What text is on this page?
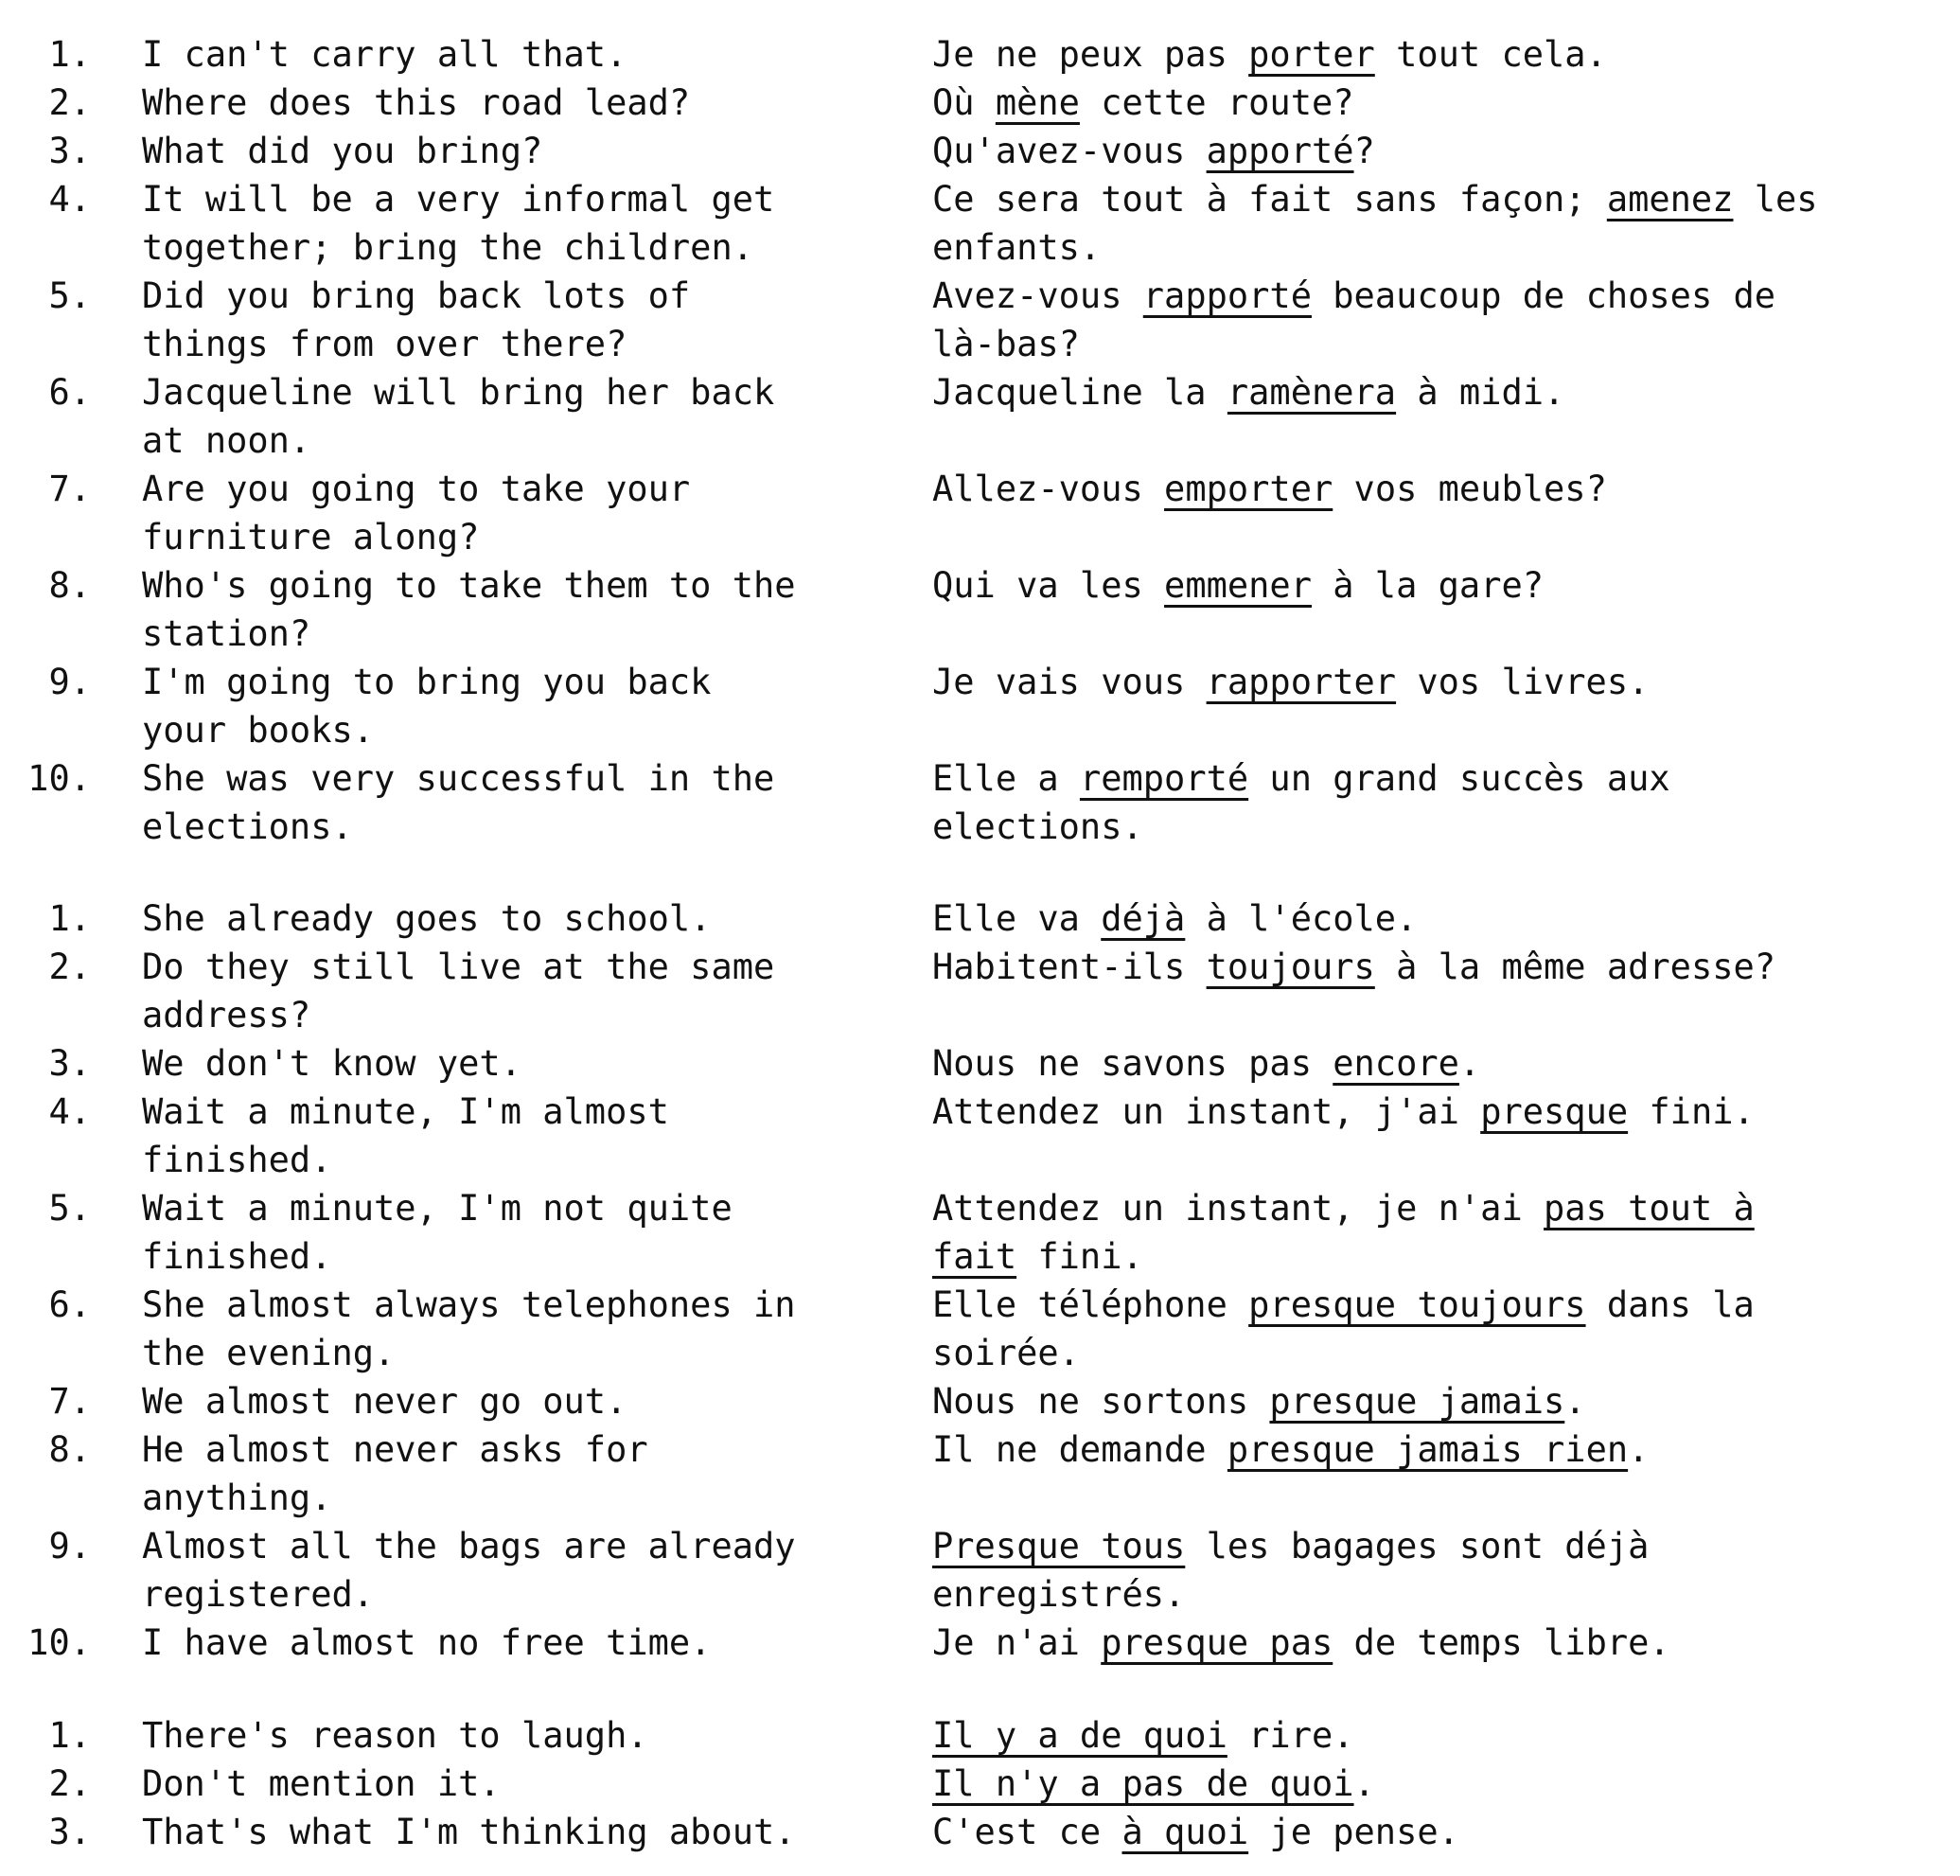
1. I can't carry all that.	Je ne peux pas porter tout cela.
2. Where does this road lead?	Où mène cette route?
3. What did you bring?	Qu'avez-vous apporté?
4. It will be a very informal get	Ce sera tout à fait sans façon; amenez les
together; bring the children.	enfants.
5. Did you bring back lots of	Avez-vous rapporté beaucoup de choses de
things from over there?	là-bas?
6. Jacqueline will bring her back	Jacqueline la ramènera à midi.
at noon.
7. Are you going to take your	Allez-vous emporter vos meubles?
furniture along?
8. Who's going to take them to the	Qui va les emmener à la gare?
station?
9. I'm going to bring you back	Je vais vous rapporter vos livres.
your books.
10. She was very successful in the	Elle a remporté un grand succès aux
elections.	elections.
1. She already goes to school.	Elle va déjà à l'école.
2. Do they still live at the same	Habitent-ils toujours à la même adresse?
address?
3. We don't know yet.	Nous ne savons pas encore.
4. Wait a minute, I'm almost	Attendez un instant, j'ai presque fini.
finished.
5. Wait a minute, I'm not quite	Attendez un instant, je n'ai pas tout à
finished.	fait fini.
6. She almost always telephones in	Elle téléphone presque toujours dans la
the evening.	soirée.
7. We almost never go out.	Nous ne sortons presque jamais.
8. He almost never asks for	Il ne demande presque jamais rien.
anything.
9. Almost all the bags are already	Presque tous les bagages sont déjà
registered.	enregistrés.
10. I have almost no free time.	Je n'ai presque pas de temps libre.
1. There's reason to laugh.	Il y a de quoi rire.
2. Don't mention it.	Il n'y a pas de quoi.
3. That's what I'm thinking about.	C'est ce à quoi je pense.
